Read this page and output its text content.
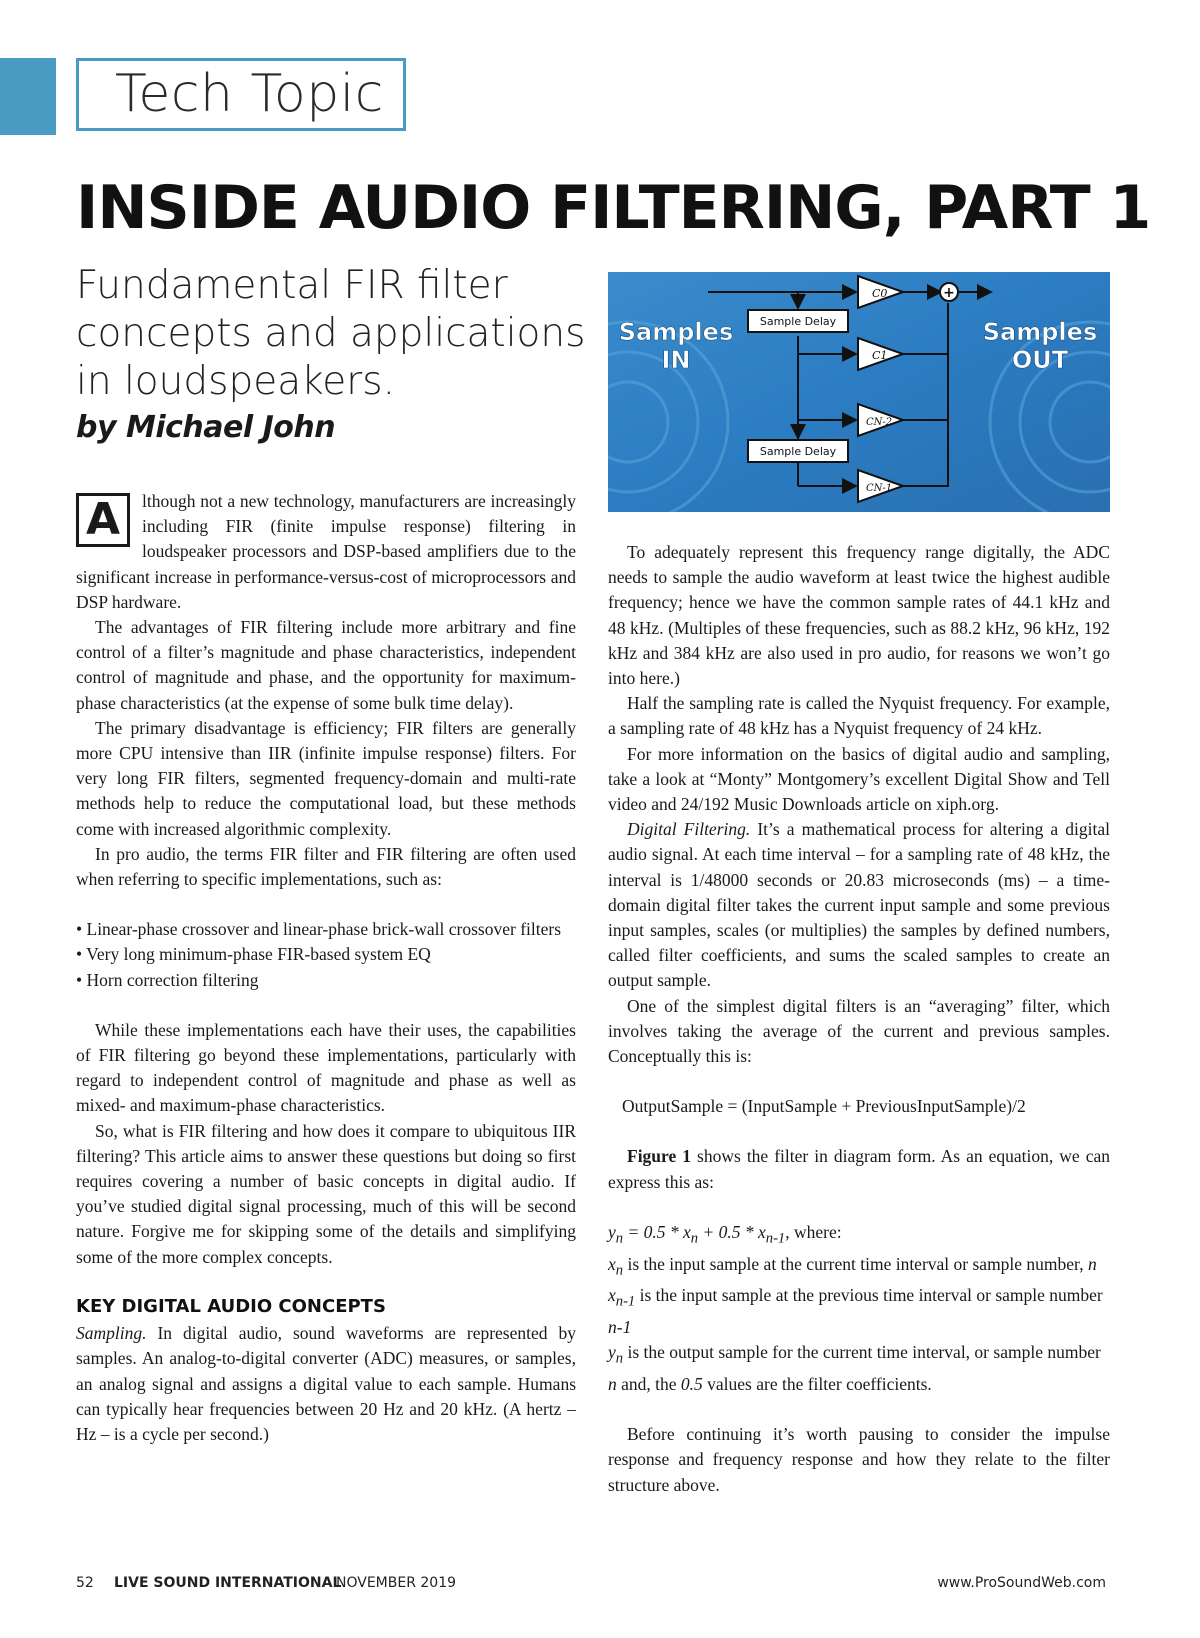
Tech Topic
INSIDE AUDIO FILTERING, PART 1
Fundamental FIR filter concepts and applications in loudspeakers.
by Michael John
Sample Delay
Sample Delay
C0
C1
CN-2
CN-1
+
Samples
IN
Samples
OUT

A	lthough not a new technology, manufacturers are increasingly including FIR (finite impulse response) filtering in loudspeaker processors and DSP-based amplifiers due to the significant increase in performance-versus-cost of microprocessors and DSP hardware.

The advantages of FIR filtering include more arbitrary and fine control of a filter’s magnitude and phase characteristics, independent control of magnitude and phase, and the opportunity for maximum-phase characteristics (at the expense of some bulk time delay).

The primary disadvantage is efficiency; FIR filters are generally more CPU intensive than IIR (infinite impulse response) filters. For very long FIR filters, segmented frequency-domain and multi-rate methods help to reduce the computational load, but these methods come with increased algorithmic complexity.

In pro audio, the terms FIR filter and FIR filtering are often used when referring to specific implementations, such as:

• Linear-phase crossover and linear-phase brick-wall crossover filters

• Very long minimum-phase FIR-based system EQ

• Horn correction filtering

While these implementations each have their uses, the capabilities of FIR filtering go beyond these implementations, particularly with regard to independent control of magnitude and phase as well as mixed- and maximum-phase characteristics.

So, what is FIR filtering and how does it compare to ubiquitous IIR filtering? This article aims to answer these questions but doing so first requires covering a number of basic concepts in digital audio. If you’ve studied digital signal processing, much of this will be second nature. Forgive me for skipping some of the details and simplifying some of the more complex concepts.

KEY DIGITAL AUDIO CONCEPTS

Sampling. In digital audio, sound waveforms are represented by samples. An analog-to-digital converter (ADC) measures, or samples, an analog signal and assigns a digital value to each sample. Humans can typically hear frequencies between 20 Hz and 20 kHz. (A hertz – Hz – is a cycle per second.)

To adequately represent this frequency range digitally, the ADC needs to sample the audio waveform at least twice the highest audible frequency; hence we have the common sample rates of 44.1 kHz and 48 kHz. (Multiples of these frequencies, such as 88.2 kHz, 96 kHz, 192 kHz and 384 kHz are also used in pro audio, for reasons we won’t go into here.)

Half the sampling rate is called the Nyquist frequency. For example, a sampling rate of 48 kHz has a Nyquist frequency of 24 kHz.

For more information on the basics of digital audio and sampling, take a look at “Monty” Montgomery’s excellent Digital Show and Tell video and 24/192 Music Downloads article on xiph.org.

Digital Filtering. It’s a mathematical process for altering a digital audio signal. At each time interval – for a sampling rate of 48 kHz, the interval is 1/48000 seconds or 20.83 microseconds (ms) – a time-domain digital filter takes the current input sample and some previous input samples, scales (or multiplies) the samples by defined numbers, called filter coefficients, and sums the scaled samples to create an output sample.

One of the simplest digital filters is an “averaging” filter, which involves taking the average of the current and previous samples. Conceptually this is:

OutputSample = (InputSample + PreviousInputSample)/2

Figure 1 shows the filter in diagram form. As an equation, we can express this as:

$y_n = 0.5 * x_n + 0.5 * x_{n-1}$, where:

$x_n$ is the input sample at the current time interval or sample number, n

$x_{n-1}$ is the input sample at the previous time interval or sample number n-1

$y_n$ is the output sample for the current time interval, or sample number n and, the 0.5 values are the filter coefficients.

Before continuing it’s worth pausing to consider the impulse response and frequency response and how they relate to the filter structure above.

52 LIVE SOUND INTERNATIONAL
NOVEMBER 2019	www.ProSoundWeb.com
